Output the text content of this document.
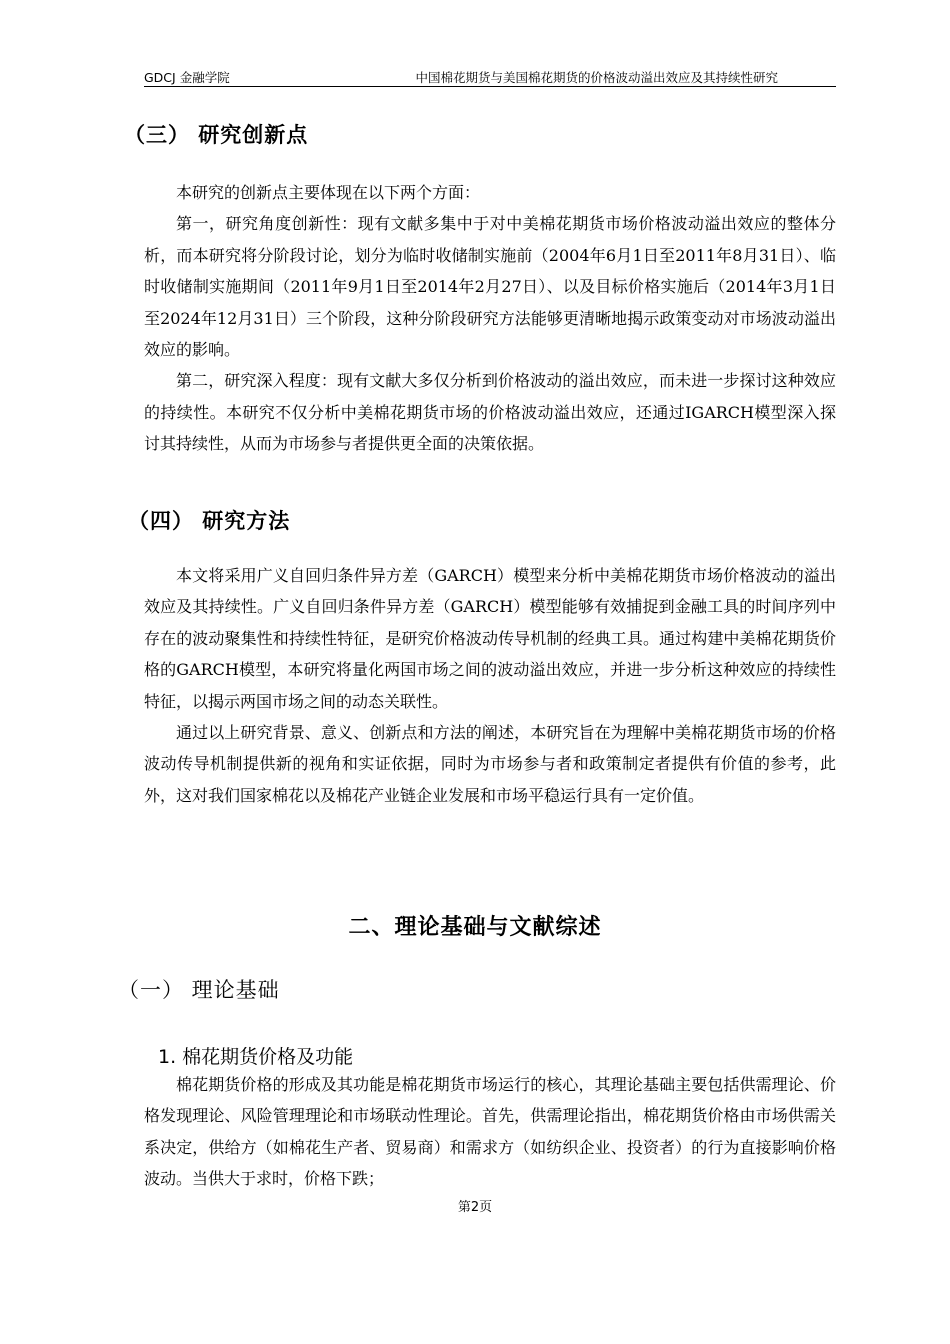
GDCJ 金融学院	中国棉花期货与美国棉花期货的价格波动溢出效应及其持续性研究
（三） 研究创新点

本研究的创新点主要体现在以下两个方面：

第一，研究角度创新性：现有文献多集中于对中美棉花期货市场价格波动溢出效应的整体分析，而本研究将分阶段讨论，划分为临时收储制实施前（2004年6月1日至2011年8月31日）、临时收储制实施期间（2011年9月1日至2014年2月27日）、以及目标价格实施后（2014年3月1日至2024年12月31日）三个阶段，这种分阶段研究方法能够更清晰地揭示政策变动对市场波动溢出效应的影响。

第二，研究深入程度：现有文献大多仅分析到价格波动的溢出效应，而未进一步探讨这种效应的持续性。本研究不仅分析中美棉花期货市场的价格波动溢出效应，还通过IGARCH模型深入探讨其持续性，从而为市场参与者提供更全面的决策依据。

（四） 研究方法

本文将采用广义自回归条件异方差（GARCH）模型来分析中美棉花期货市场价格波动的溢出效应及其持续性。广义自回归条件异方差（GARCH）模型能够有效捕捉到金融工具的时间序列中存在的波动聚集性和持续性特征，是研究价格波动传导机制的经典工具。通过构建中美棉花期货价格的GARCH模型，本研究将量化两国市场之间的波动溢出效应，并进一步分析这种效应的持续性特征，以揭示两国市场之间的动态关联性。

通过以上研究背景、意义、创新点和方法的阐述，本研究旨在为理解中美棉花期货市场的价格波动传导机制提供新的视角和实证依据，同时为市场参与者和政策制定者提供有价值的参考，此外，这对我们国家棉花以及棉花产业链企业发展和市场平稳运行具有一定价值。

二、理论基础与文献综述
（一） 理论基础
1. 棉花期货价格及功能

棉花期货价格的形成及其功能是棉花期货市场运行的核心，其理论基础主要包括供需理论、价格发现理论、风险管理理论和市场联动性理论。首先，供需理论指出，棉花期货价格由市场供需关系决定，供给方（如棉花生产者、贸易商）和需求方（如纺织企业、投资者）的行为直接影响价格波动。当供大于求时，价格下跌；

第2页
